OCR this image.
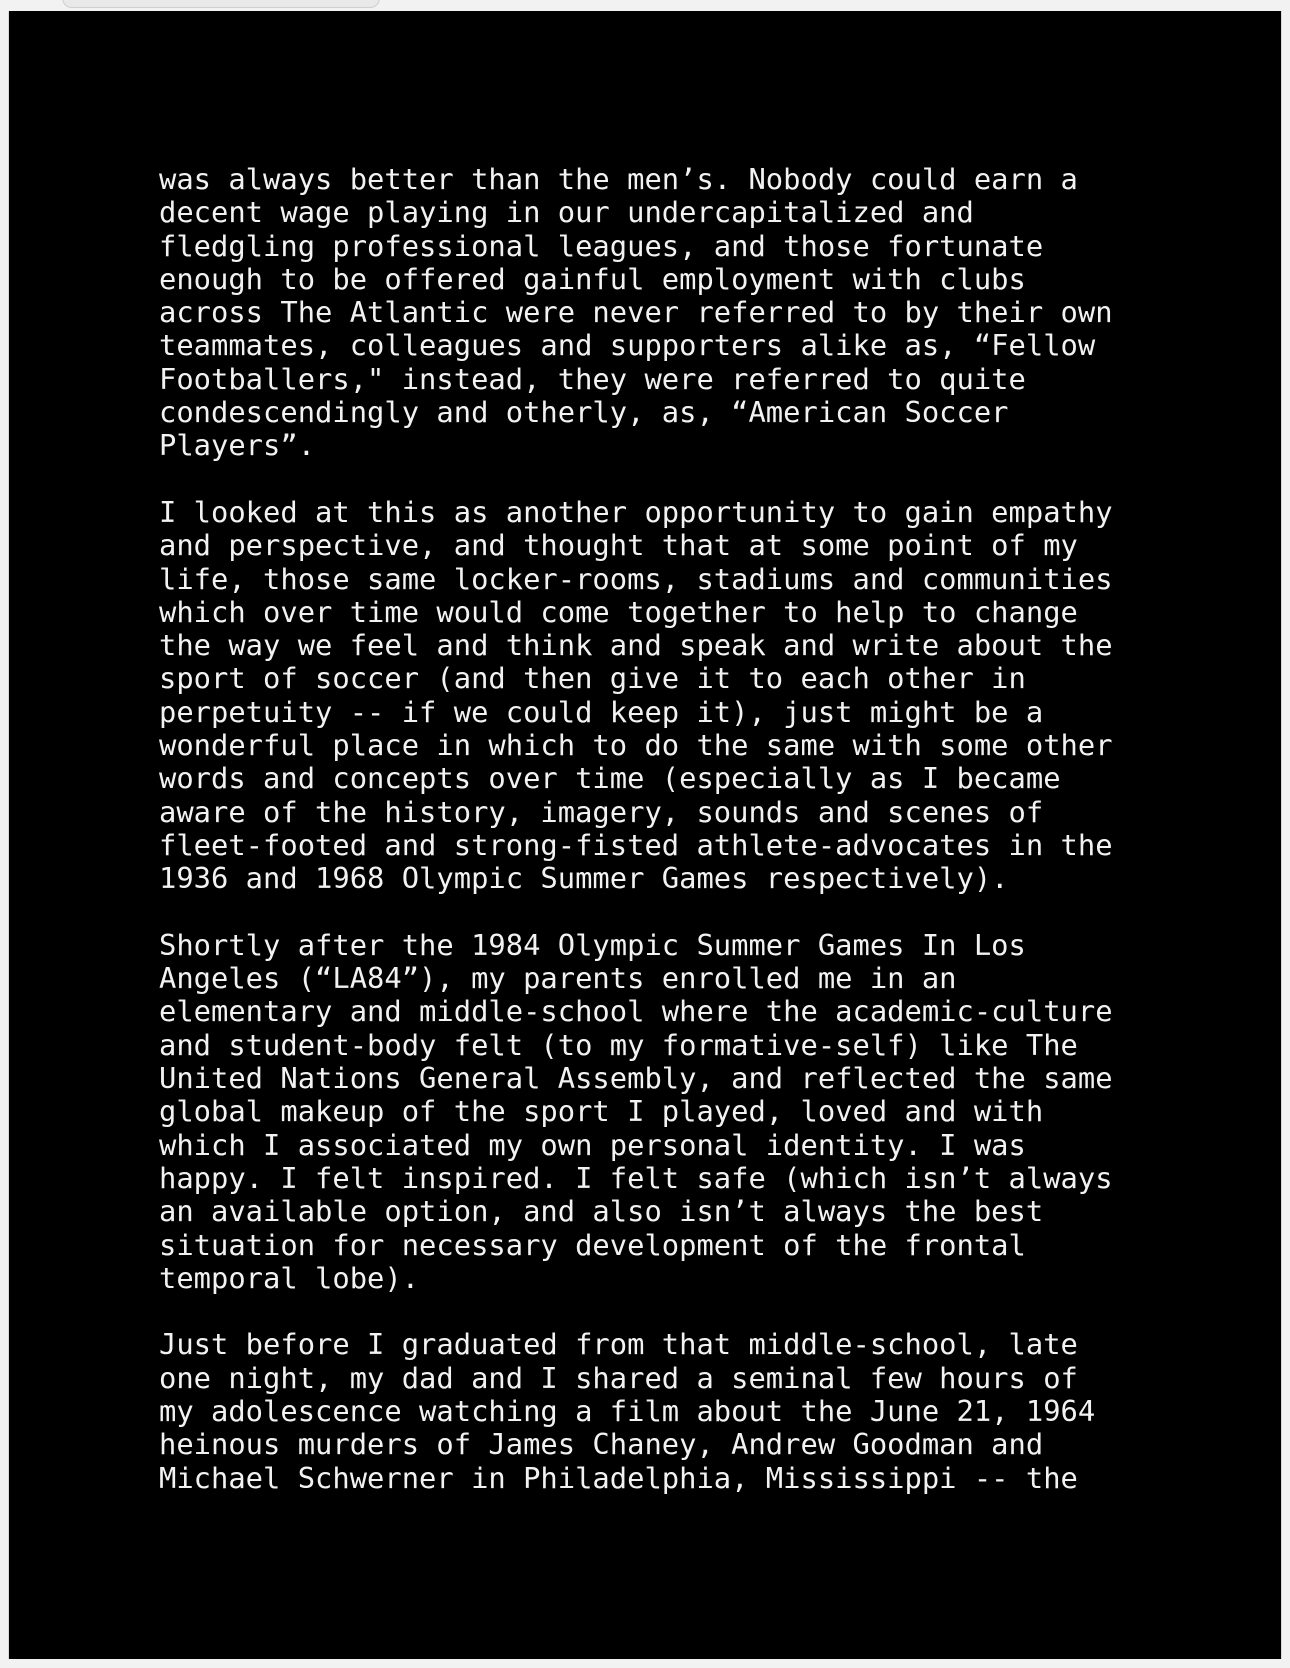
was always better than the men’s. Nobody could earn a
decent wage playing in our undercapitalized and
fledgling professional leagues, and those fortunate
enough to be offered gainful employment with clubs
across The Atlantic were never referred to by their own
teammates, colleagues and supporters alike as, “Fellow
Footballers," instead, they were referred to quite
condescendingly and otherly, as, “American Soccer
Players”.

I looked at this as another opportunity to gain empathy
and perspective, and thought that at some point of my
life, those same locker-rooms, stadiums and communities
which over time would come together to help to change
the way we feel and think and speak and write about the
sport of soccer (and then give it to each other in
perpetuity -- if we could keep it), just might be a
wonderful place in which to do the same with some other
words and concepts over time (especially as I became
aware of the history, imagery, sounds and scenes of
fleet-footed and strong-fisted athlete-advocates in the
1936 and 1968 Olympic Summer Games respectively).

Shortly after the 1984 Olympic Summer Games In Los
Angeles (“LA84”), my parents enrolled me in an
elementary and middle-school where the academic-culture
and student-body felt (to my formative-self) like The
United Nations General Assembly, and reflected the same
global makeup of the sport I played, loved and with
which I associated my own personal identity. I was
happy. I felt inspired. I felt safe (which isn’t always
an available option, and also isn’t always the best
situation for necessary development of the frontal
temporal lobe).

Just before I graduated from that middle-school, late
one night, my dad and I shared a seminal few hours of
my adolescence watching a film about the June 21, 1964
heinous murders of James Chaney, Andrew Goodman and
Michael Schwerner in Philadelphia, Mississippi -- the
